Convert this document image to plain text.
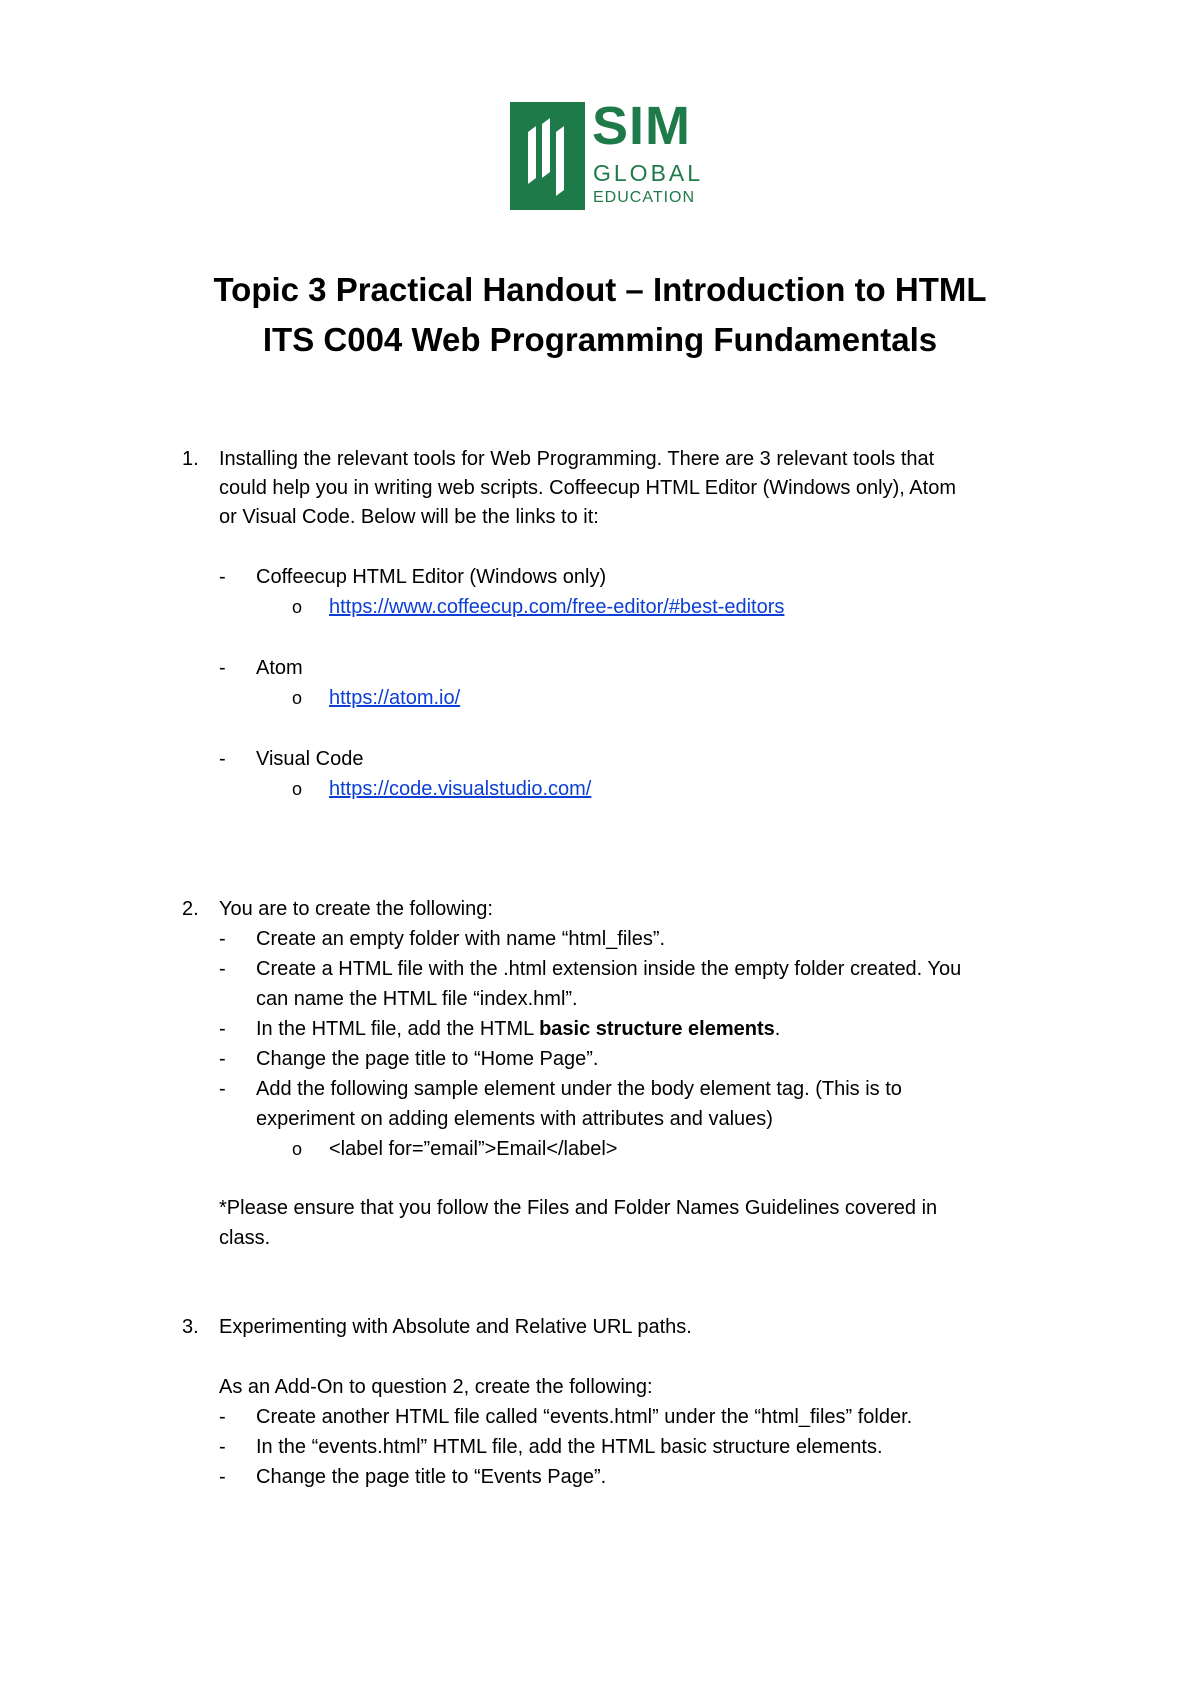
SIM
GLOBAL
EDUCATION
Topic 3 Practical Handout – Introduction to HTML
ITS C004 Web Programming Fundamentals
1. Installing the relevant tools for Web Programming. There are 3 relevant tools that
could help you in writing web scripts. Coffeecup HTML Editor (Windows only), Atom
or Visual Code. Below will be the links to it:
- Coffeecup HTML Editor (Windows only)
o https://www.coffeecup.com/free-editor/#best-editors
- Atom
o https://atom.io/
- Visual Code
o https://code.visualstudio.com/
2. You are to create the following:
- Create an empty folder with name “html_files”.
- Create a HTML file with the .html extension inside the empty folder created. You
can name the HTML file “index.hml”.
- In the HTML file, add the HTML basic structure elements.
- Change the page title to “Home Page”.
- Add the following sample element under the body element tag. (This is to
experiment on adding elements with attributes and values)
o <label for=”email”>Email</label>
*Please ensure that you follow the Files and Folder Names Guidelines covered in
class.
3. Experimenting with Absolute and Relative URL paths.
As an Add-On to question 2, create the following:
- Create another HTML file called “events.html” under the “html_files” folder.
- In the “events.html” HTML file, add the HTML basic structure elements.
- Change the page title to “Events Page”.
